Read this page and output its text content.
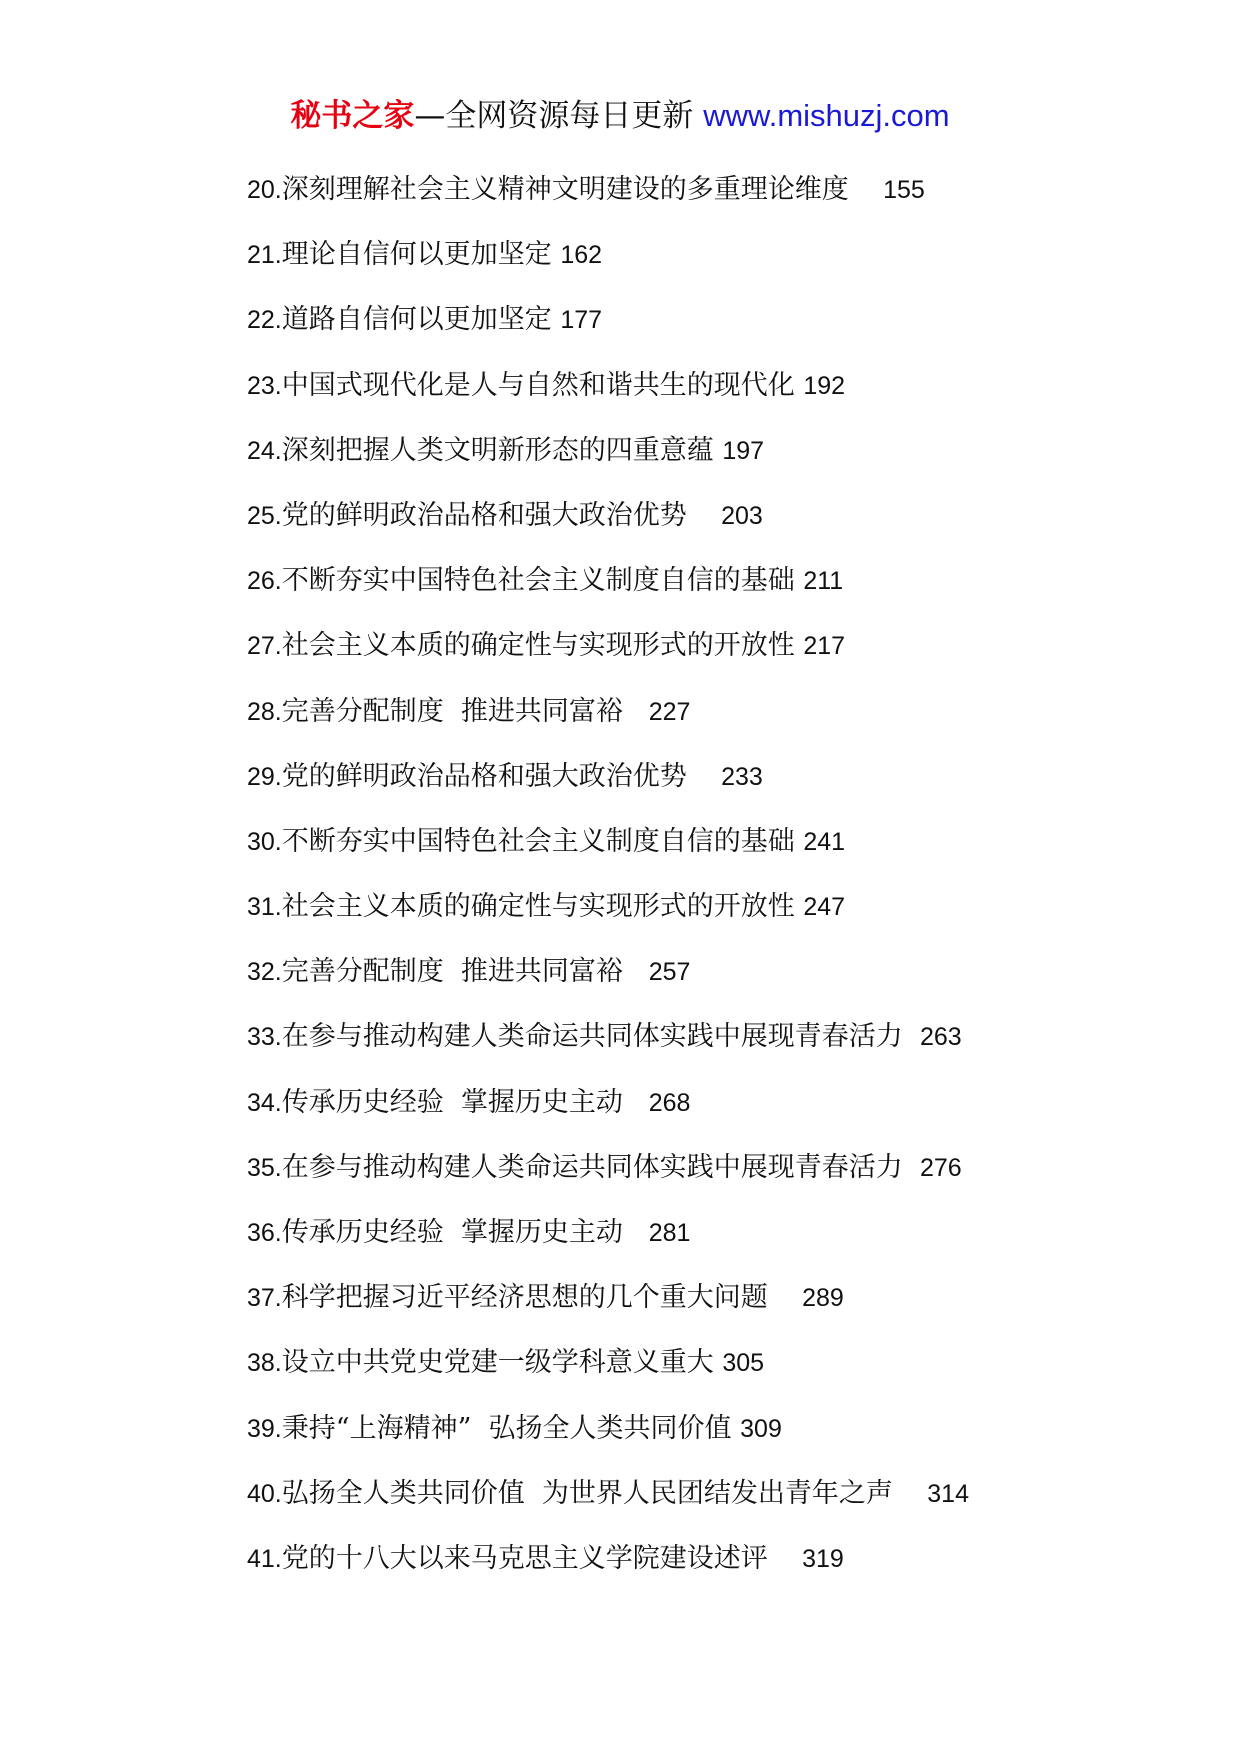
秘书之家—全网资源每日更新 www.mishuzj.com
20.深刻理解社会主义精神文明建设的多重理论维度 155
21.理论自信何以更加坚定 162
22.道路自信何以更加坚定 177
23.中国式现代化是人与自然和谐共生的现代化 192
24.深刻把握人类文明新形态的四重意蕴 197
25.党的鲜明政治品格和强大政治优势 203
26.不断夯实中国特色社会主义制度自信的基础 211
27.社会主义本质的确定性与实现形式的开放性 217
28.完善分配制度  推进共同富裕 227
29.党的鲜明政治品格和强大政治优势 233
30.不断夯实中国特色社会主义制度自信的基础 241
31.社会主义本质的确定性与实现形式的开放性 247
32.完善分配制度  推进共同富裕 257
33.在参与推动构建人类命运共同体实践中展现青春活力 263
34.传承历史经验  掌握历史主动 268
35.在参与推动构建人类命运共同体实践中展现青春活力 276
36.传承历史经验  掌握历史主动 281
37.科学把握习近平经济思想的几个重大问题 289
38.设立中共党史党建一级学科意义重大 305
39.秉持“上海精神”  弘扬全人类共同价值 309
40.弘扬全人类共同价值  为世界人民团结发出青年之声 314
41.党的十八大以来马克思主义学院建设述评 319
